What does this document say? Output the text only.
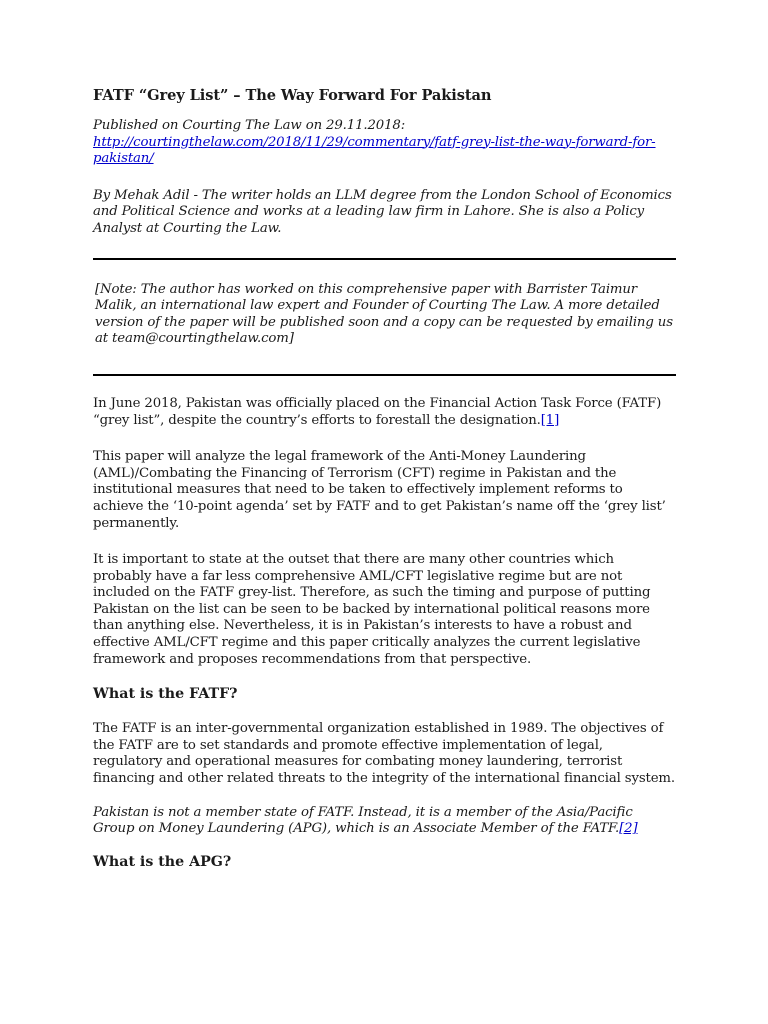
FATF “Grey List” – The Way Forward For Pakistan

Published on Courting The Law on 29.11.2018: http://courtingthelaw.com/2018/11/29/commentary/fatf-grey-list-the-way-forward-for-pakistan/

By Mehak Adil - The writer holds an LLM degree from the London School of Economics and Political Science and works at a leading law firm in Lahore. She is also a Policy Analyst at Courting the Law.

[Note: The author has worked on this comprehensive paper with Barrister Taimur Malik, an international law expert and Founder of Courting The Law. A more detailed version of the paper will be published soon and a copy can be requested by emailing us at team@courtingthelaw.com]

In June 2018, Pakistan was officially placed on the Financial Action Task Force (FATF) “grey list”, despite the country’s efforts to forestall the designation.[1]

This paper will analyze the legal framework of the Anti-Money Laundering (AML)/Combating the Financing of Terrorism (CFT) regime in Pakistan and the institutional measures that need to be taken to effectively implement reforms to achieve the ‘10-point agenda’ set by FATF and to get Pakistan’s name off the ‘grey list’ permanently.

It is important to state at the outset that there are many other countries which probably have a far less comprehensive AML/CFT legislative regime but are not included on the FATF grey-list. Therefore, as such the timing and purpose of putting Pakistan on the list can be seen to be backed by international political reasons more than anything else. Nevertheless, it is in Pakistan’s interests to have a robust and effective AML/CFT regime and this paper critically analyzes the current legislative framework and proposes recommendations from that perspective.

What is the FATF?

The FATF is an inter-governmental organization established in 1989. The objectives of the FATF are to set standards and promote effective implementation of legal, regulatory and operational measures for combating money laundering, terrorist financing and other related threats to the integrity of the international financial system.

Pakistan is not a member state of FATF. Instead, it is a member of the Asia/Pacific Group on Money Laundering (APG), which is an Associate Member of the FATF.[2]

What is the APG?
